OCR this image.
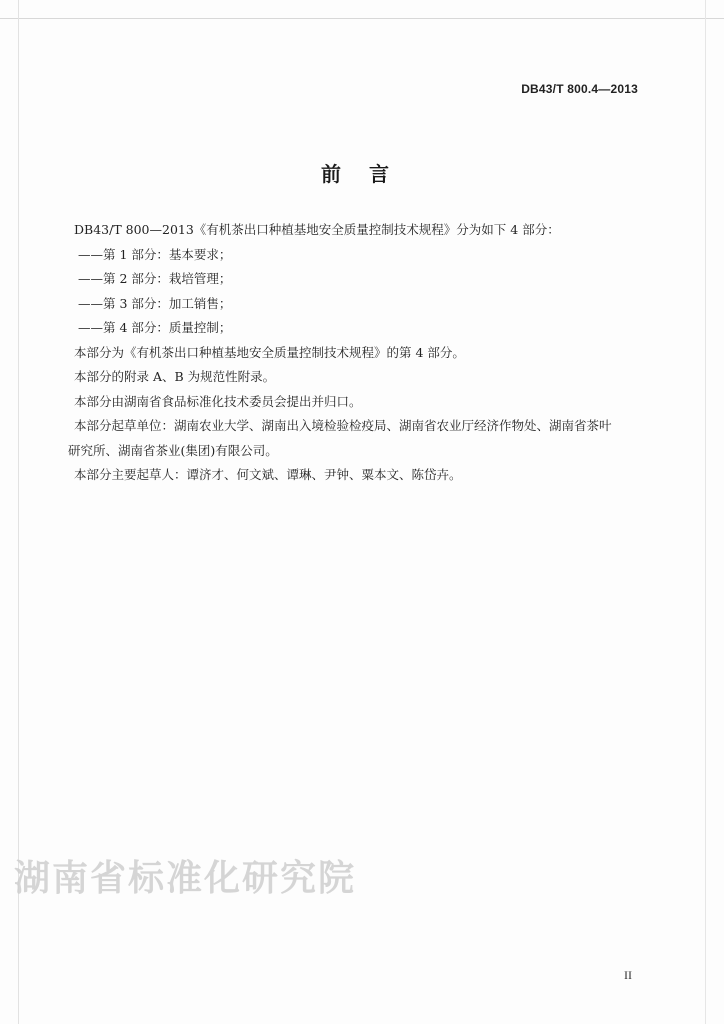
DB43/T 800.4—2013
前言

DB43/T 800—2013《有机茶出口种植基地安全质量控制技术规程》分为如下 4 部分：

——第 1 部分：基本要求；

——第 2 部分：栽培管理；

——第 3 部分：加工销售；

——第 4 部分：质量控制；

本部分为《有机茶出口种植基地安全质量控制技术规程》的第 4 部分。

本部分的附录 A、B 为规范性附录。

本部分由湖南省食品标准化技术委员会提出并归口。

本部分起草单位：湖南农业大学、湖南出入境检验检疫局、湖南省农业厅经济作物处、湖南省茶叶

研究所、湖南省茶业(集团)有限公司。

本部分主要起草人：谭济才、何文斌、谭琳、尹钟、粟本文、陈岱卉。

湖南省标准化研究院
II
